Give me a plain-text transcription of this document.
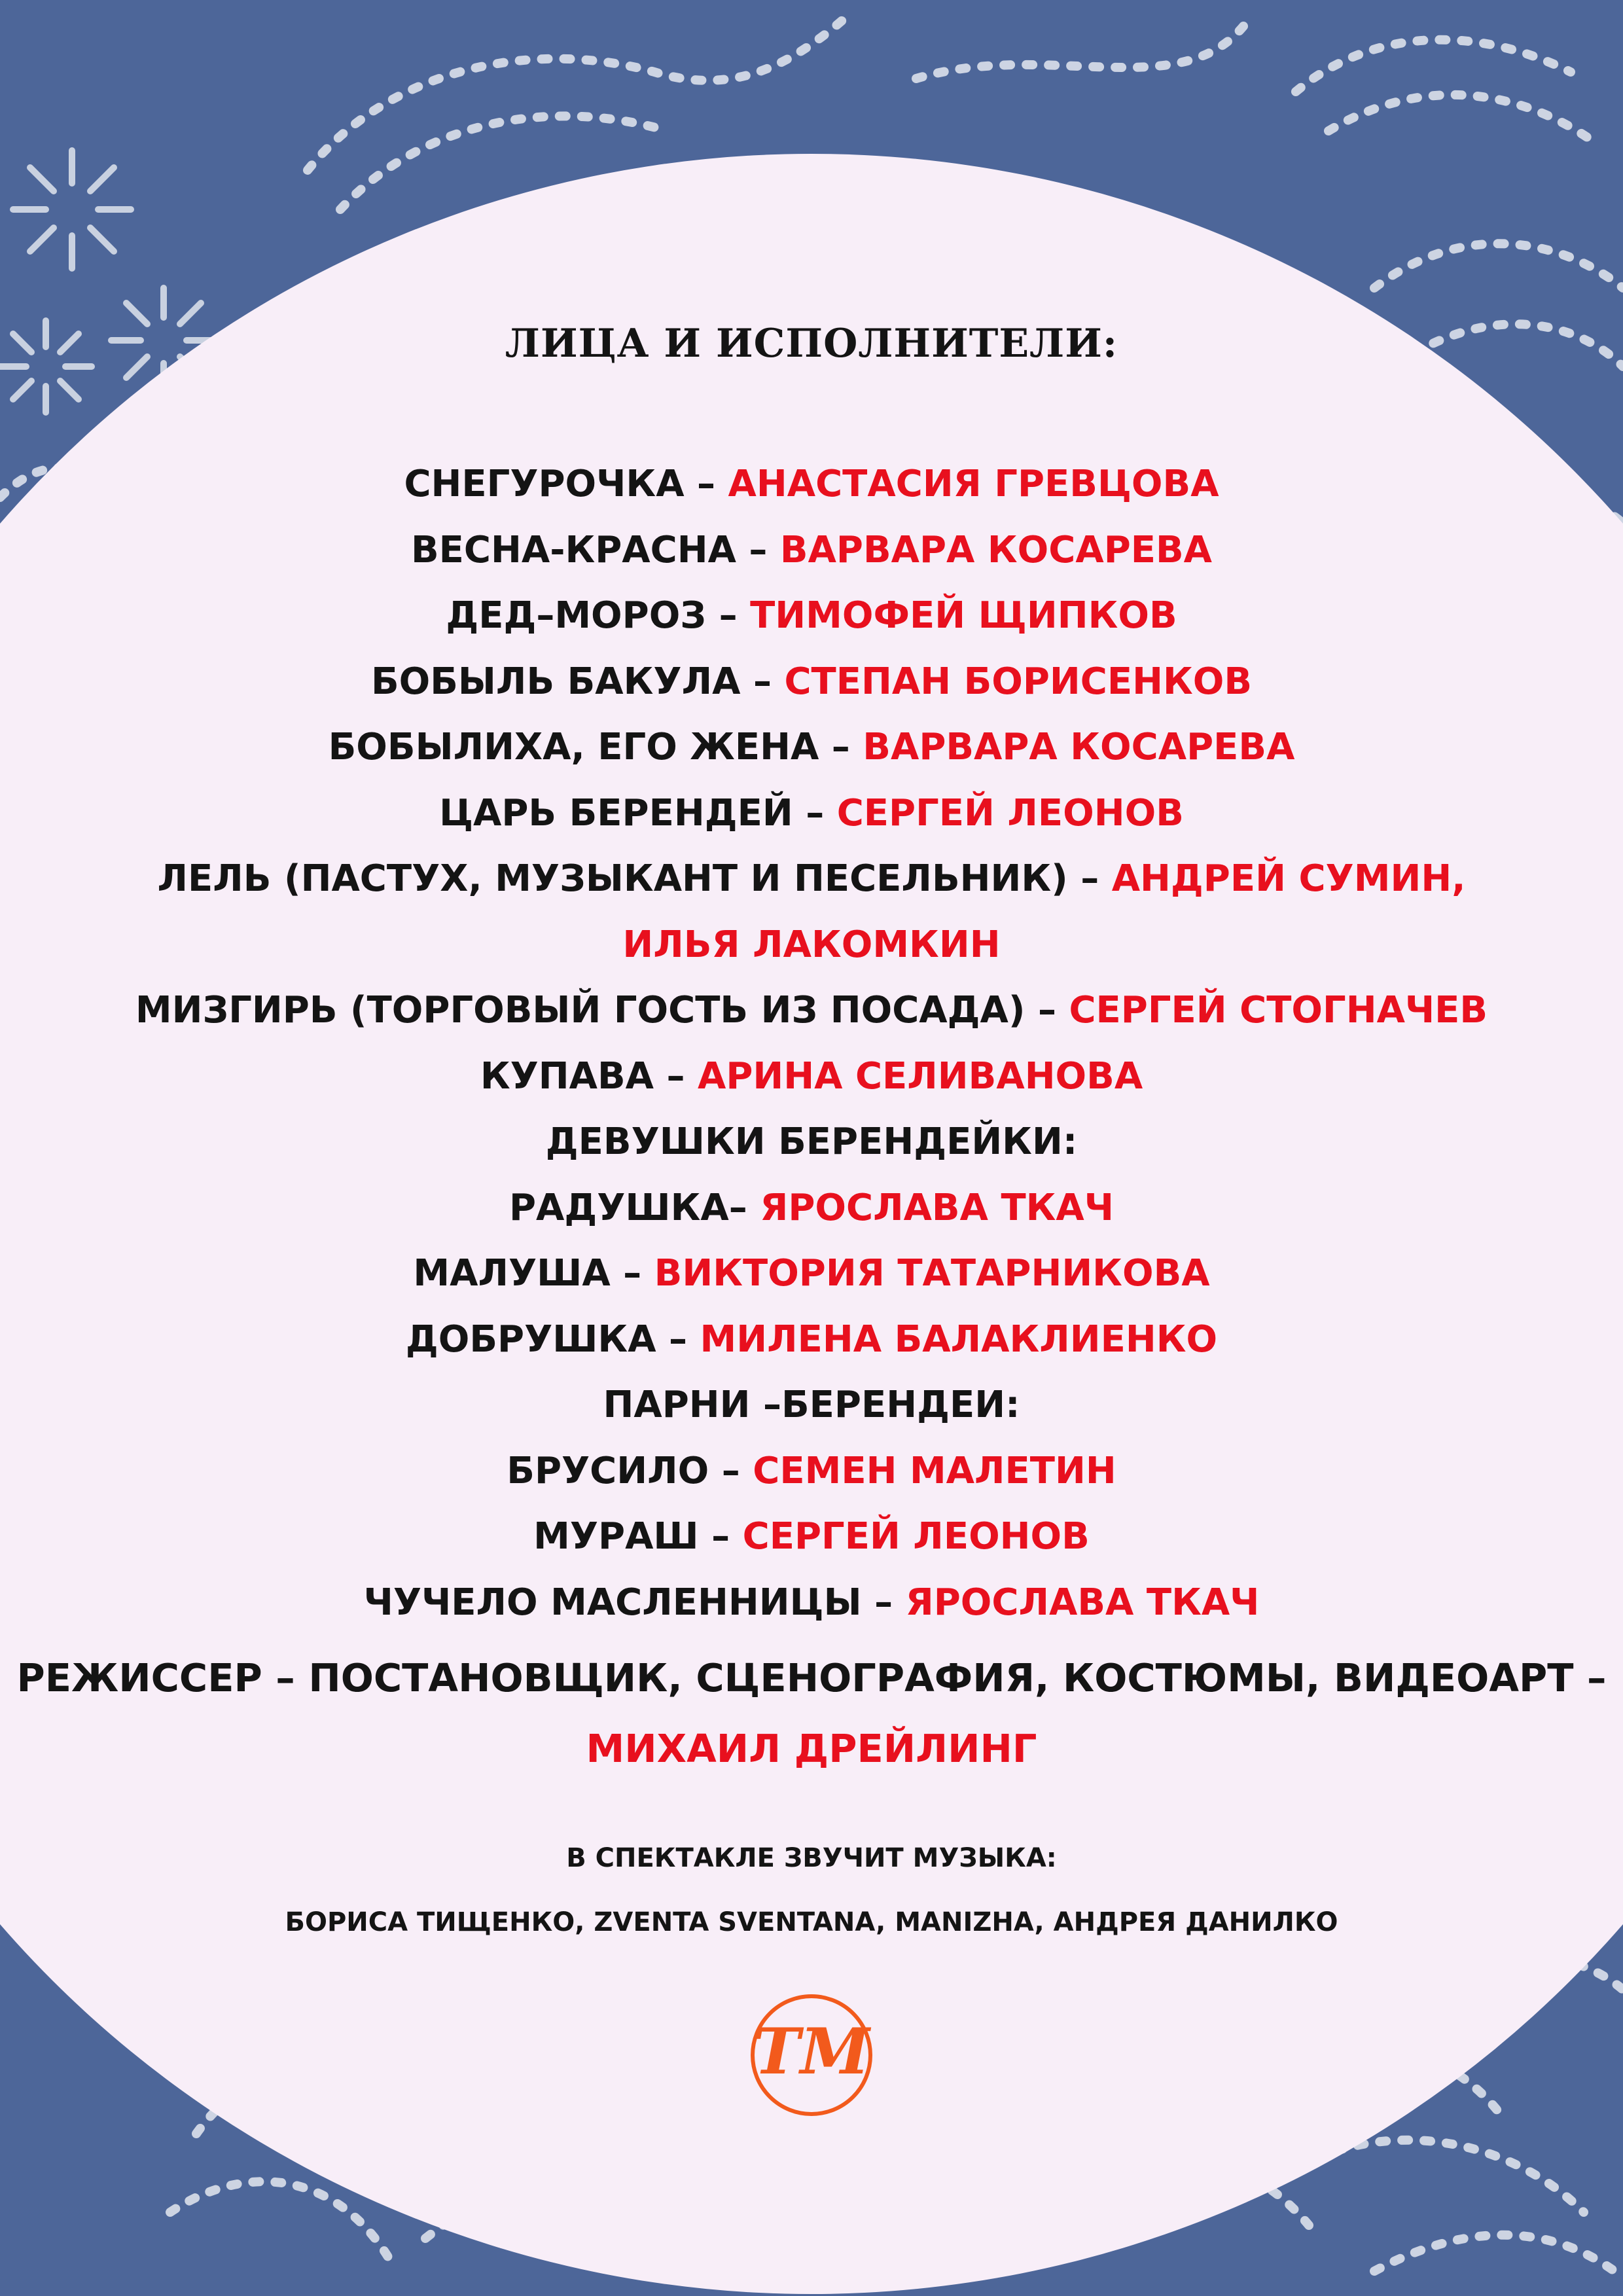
ЛИЦА И ИСПОЛНИТЕЛИ:
СНЕГУРОЧКА – АНАСТАСИЯ ГРЕВЦОВА
ВЕСНА-КРАСНА – ВАРВАРА КОСАРЕВА
ДЕД–МОРОЗ – ТИМОФЕЙ ЩИПКОВ
БОБЫЛЬ БАКУЛА – СТЕПАН БОРИСЕНКОВ
БОБЫЛИХА, ЕГО ЖЕНА – ВАРВАРА КОСАРЕВА
ЦАРЬ БЕРЕНДЕЙ – СЕРГЕЙ ЛЕОНОВ
ЛЕЛЬ (ПАСТУХ, МУЗЫКАНТ И ПЕСЕЛЬНИК) – АНДРЕЙ СУМИН,
ИЛЬЯ ЛАКОМКИН
МИЗГИРЬ (ТОРГОВЫЙ ГОСТЬ ИЗ ПОСАДА) – СЕРГЕЙ СТОГНАЧЕВ
КУПАВА – АРИНА СЕЛИВАНОВА
ДЕВУШКИ БЕРЕНДЕЙКИ:
РАДУШКА– ЯРОСЛАВА ТКАЧ
МАЛУША – ВИКТОРИЯ ТАТАРНИКОВА
ДОБРУШКА – МИЛЕНА БАЛАКЛИЕНКО
ПАРНИ –БЕРЕНДЕИ:
БРУСИЛО – СЕМЕН МАЛЕТИН
МУРАШ – СЕРГЕЙ ЛЕОНОВ
ЧУЧЕЛО МАСЛЕННИЦЫ – ЯРОСЛАВА ТКАЧ
РЕЖИССЕР – ПОСТАНОВЩИК, СЦЕНОГРАФИЯ, КОСТЮМЫ, ВИДЕОАРТ –
МИХАИЛ ДРЕЙЛИНГ
В СПЕКТАКЛЕ ЗВУЧИТ МУЗЫКА:
БОРИСА ТИЩЕНКО, ZVENTA SVENTANA, MANIZHA, АНДРЕЯ ДАНИЛКО
ТМ
